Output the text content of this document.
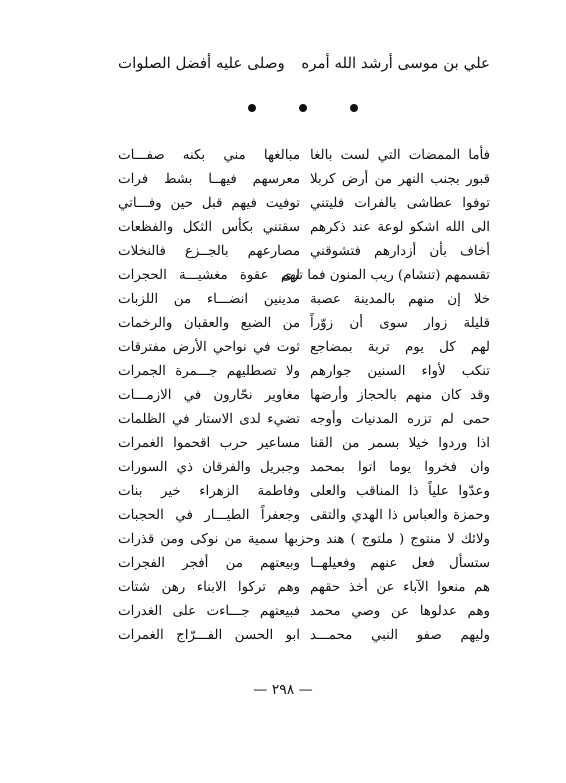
علي بن موسى أرشد الله أمره
وصلى عليه أفضل الصلوات
فأما الممضات التي لست بالغا
مبالغها مني بكنه صفـــات
قبور بجنب النهر من أرض كربلا
معرسهم فيهــا بشط فرات
توفوا عطاشى بالفرات فليتني
توفيت فيهم قبل حين وفـــاتي
الى الله اشكو لوعة عند ذكرهم
سقتني بكأس الثكل والفظعات
أخاف بأن أزدارهم فتشوقني
مصارعهم بالجــزع فالنخلات
تقسمهم (تنشام) ريب المنون فما ترى
لهم عقوة مغشيـــة الحجرات
خلا إن منهم بالمدينة عصبة
مدينين انضـــاء من اللزبات
قليلة زوار سوى أن زوّراً
من الضبع والعقبان والرخمات
لهم كل يوم تربة بمضاجع
ثوت في نواحي الأرض مفترقات
تنكب لأواء السنين جوارهم
ولا تصطليهم جـــمرة الجمرات
وقد كان منهم بالحجاز وأرضها
مغاوير نحّارون في الازمـــات
حمى لم تزره المدنيات وأوجه
تضيء لدى الاستار في الظلمات
اذا وردوا خيلا بسمر من القنا
مساعير حرب اقحموا الغمرات
وان فخروا يوما اتوا بمحمد
وجبريل والفرقان ذي السورات
وعدّوا علياً ذا المناقب والعلى
وفاطمة الزهراء خير بنات
وحمزة والعباس ذا الهدي والتقى
وجعفراً الطيـــار في الحجبات
ولائك لا منتوج ( ملتوج ) هند وحزبها سمية من نوكى ومن قذرات
ستسأل فعل عنهم وفعيلهــا
وبيعتهم من أفجر الفجرات
هم منعوا الآباء عن أخذ حقهم
وهم تركوا الابناء رهن شتات
وهم عدلوها عن وصي محمد
فبيعتهم جـــاءت على الغدرات
وليهم صفو النبي محمـــد
ابو الحسن الفـــرّاج الغمرات
— ٢٩٨ —
